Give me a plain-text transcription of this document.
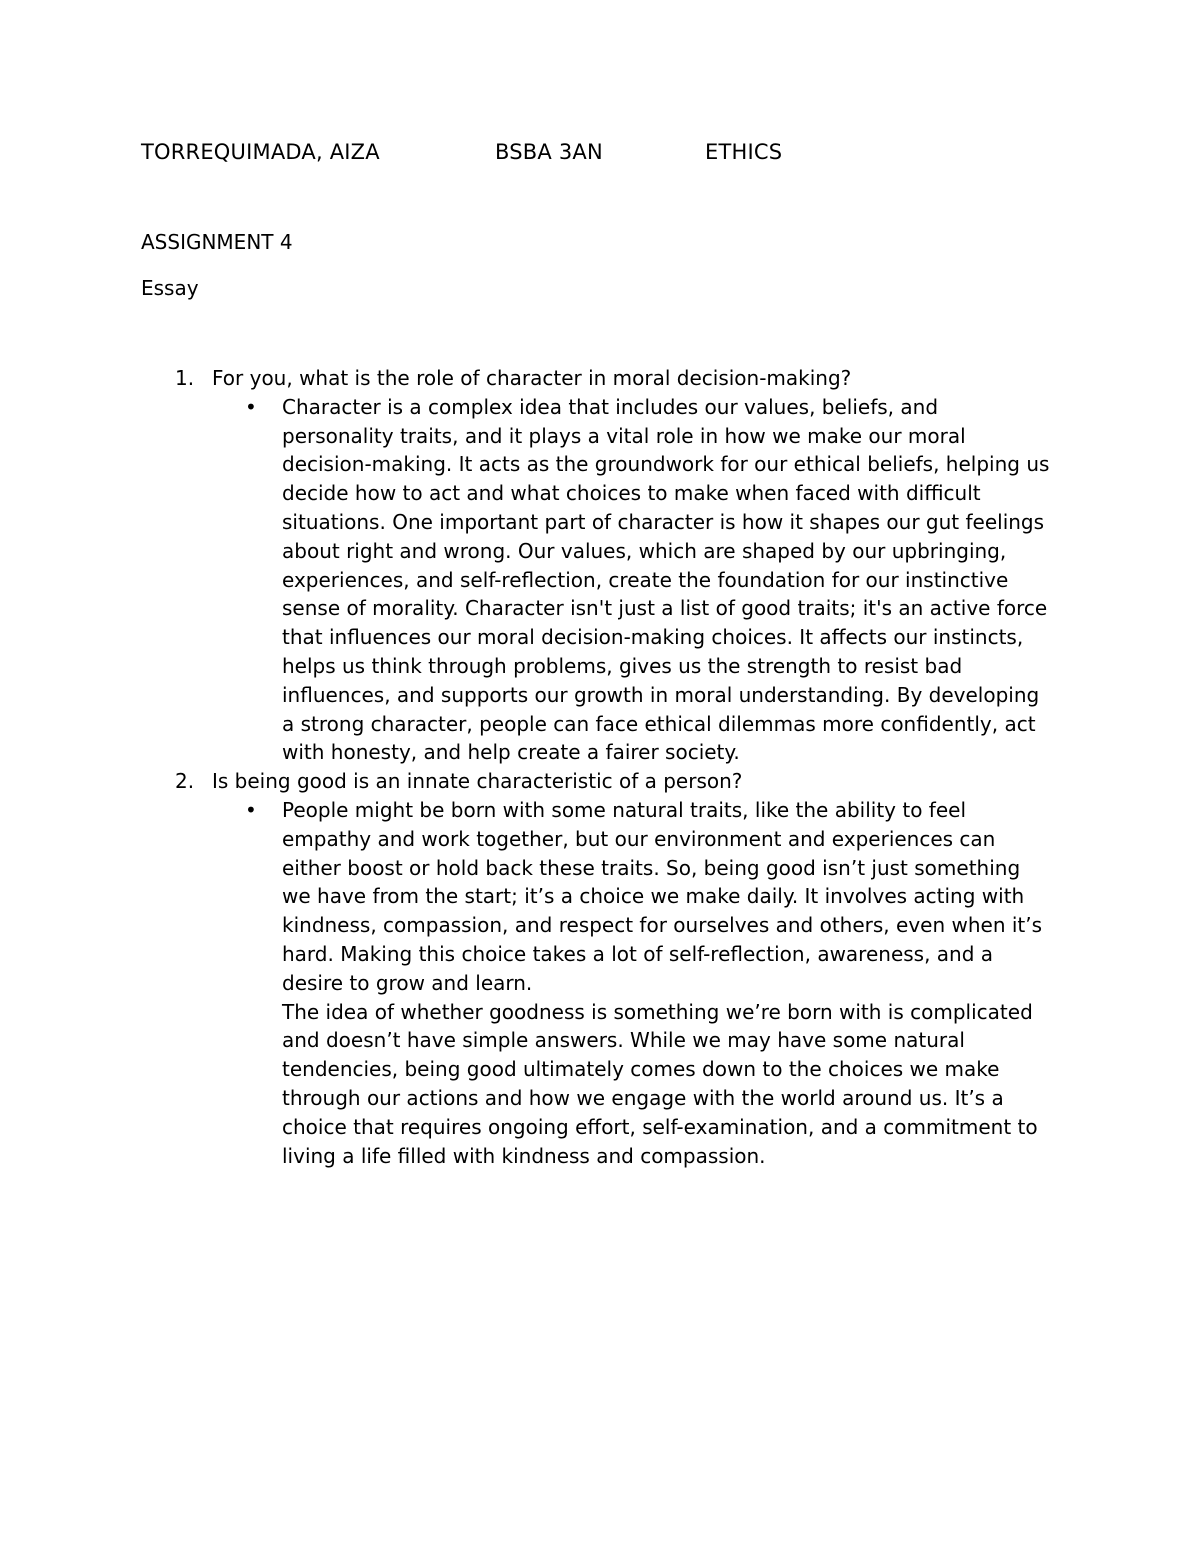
TORREQUIMADA, AIZA	BSBA 3AN	ETHICS
ASSIGNMENT 4
Essay
1. For you, what is the role of character in moral decision-making?
• Character is a complex idea that includes our values, beliefs, and personality traits, and it plays a vital role in how we make our moral decision-making. It acts as the groundwork for our ethical beliefs, helping us decide how to act and what choices to make when faced with difficult situations. One important part of character is how it shapes our gut feelings about right and wrong. Our values, which are shaped by our upbringing, experiences, and self-reflection, create the foundation for our instinctive sense of morality. Character isn't just a list of good traits; it's an active force that influences our moral decision-making choices. It affects our instincts, helps us think through problems, gives us the strength to resist bad influences, and supports our growth in moral understanding. By developing a strong character, people can face ethical dilemmas more confidently, act with honesty, and help create a fairer society.

2. Is being good is an innate characteristic of a person?
• People might be born with some natural traits, like the ability to feel empathy and work together, but our environment and experiences can either boost or hold back these traits. So, being good isn’t just something we have from the start; it’s a choice we make daily. It involves acting with kindness, compassion, and respect for ourselves and others, even when it’s hard. Making this choice takes a lot of self-reflection, awareness, and a desire to grow and learn.

The idea of whether goodness is something we’re born with is complicated and doesn’t have simple answers. While we may have some natural tendencies, being good ultimately comes down to the choices we make through our actions and how we engage with the world around us. It’s a choice that requires ongoing effort, self-examination, and a commitment to living a life filled with kindness and compassion.
